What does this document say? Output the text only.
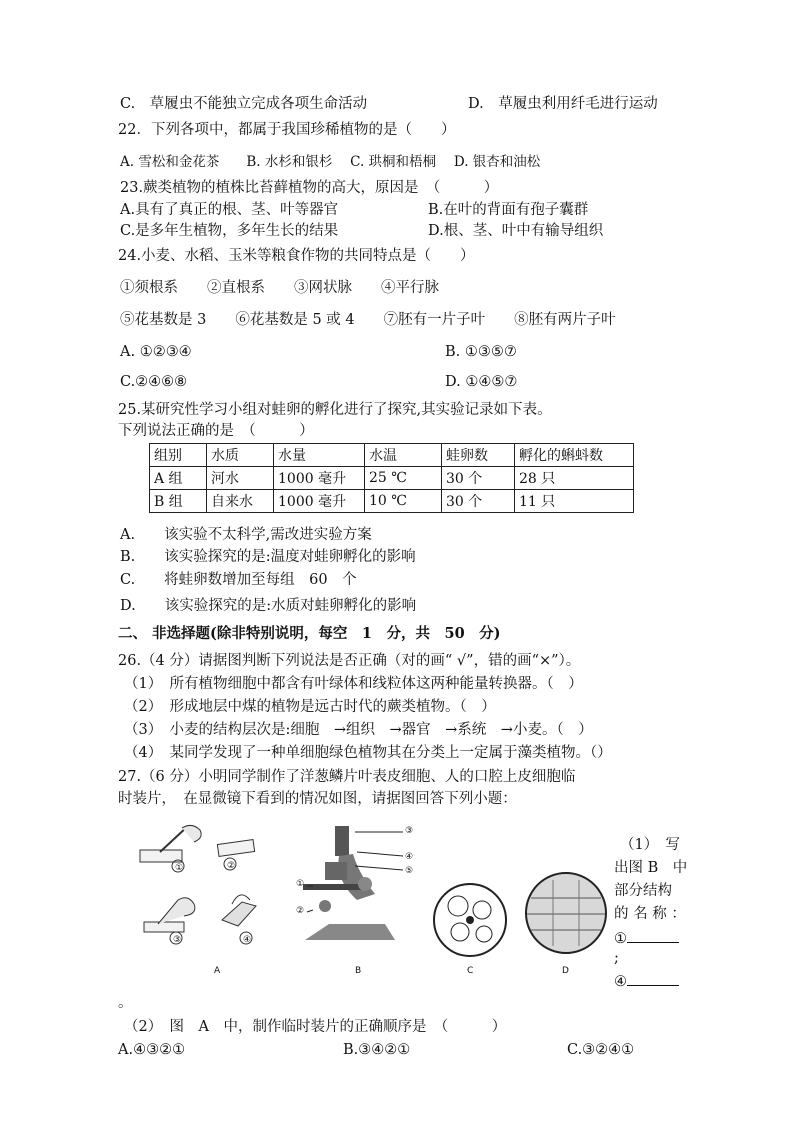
C.　草履虫不能独立完成各项生命活动	D.　草履虫利用纤毛进行运动
22．下列各项中，都属于我国珍稀植物的是（　　）
A. 雪松和金花茶　　B. 水杉和银杉　 C. 珙桐和梧桐　 D. 银杏和油松
23.蕨类植物的植株比苔藓植物的高大，原因是　（　　　）
A.具有了真正的根、茎、叶等器官	B.在叶的背面有孢子囊群
C.是多年生植物，多年生长的结果	D.根、茎、叶中有输导组织
24.小麦、水稻、玉米等粮食作物的共同特点是（　　）
①须根系　　②直根系　　③网状脉　　④平行脉
⑤花基数是 3　　⑥花基数是 5 或 4　　⑦胚有一片子叶　　⑧胚有两片子叶
A. ①②③④	B. ①③⑤⑦
C.②④⑥⑧	D. ①④⑤⑦
25.某研究性学习小组对蛙卵的孵化进行了探究,其实验记录如下表。
下列说法正确的是　（　　　）
组别	水质	水量	水温	蛙卵数	孵化的蝌蚪数
A 组	河水	1000 毫升	25 ℃	30 个	28 只
B 组	自来水	1000 毫升	10 ℃	30 个	11 只
A.　　该实验不太科学,需改进实验方案
B.　　该实验探究的是:温度对蛙卵孵化的影响
C.　　将蛙卵数增加至每组　60　个
D.　　该实验探究的是:水质对蛙卵孵化的影响
二、 非选择题(除非特别说明，每空　1　分，共　50　分)
26.（4 分）请据图判断下列说法是否正确（对的画“ √”，错的画“×”）。
（1）　所有植物细胞中都含有叶绿体和线粒体这两种能量转换器。（　）
（2）　形成地层中煤的植物是远古时代的蕨类植物。（　）
（3）　小麦的结构层次是:细胞　→组织　→器官　→系统　→小麦。（　）
（4）　某同学发现了一种单细胞绿色植物其在分类上一定属于藻类植物。（）
27.（6 分）小明同学制作了洋葱鳞片叶表皮细胞、人的口腔上皮细胞临
时装片，　在显微镜下看到的情况如图，请据图回答下列小题：
①	②
③	④
A
①
②
③
④
⑤
B	C	D
（1）　写
出图 B　中
部分结构
的 名 称 ：
①
;
④
。
（2）　图　A　中，制作临时装片的正确顺序是　（　　　）
A.④③②①	B.③④②①	C.③②④①
